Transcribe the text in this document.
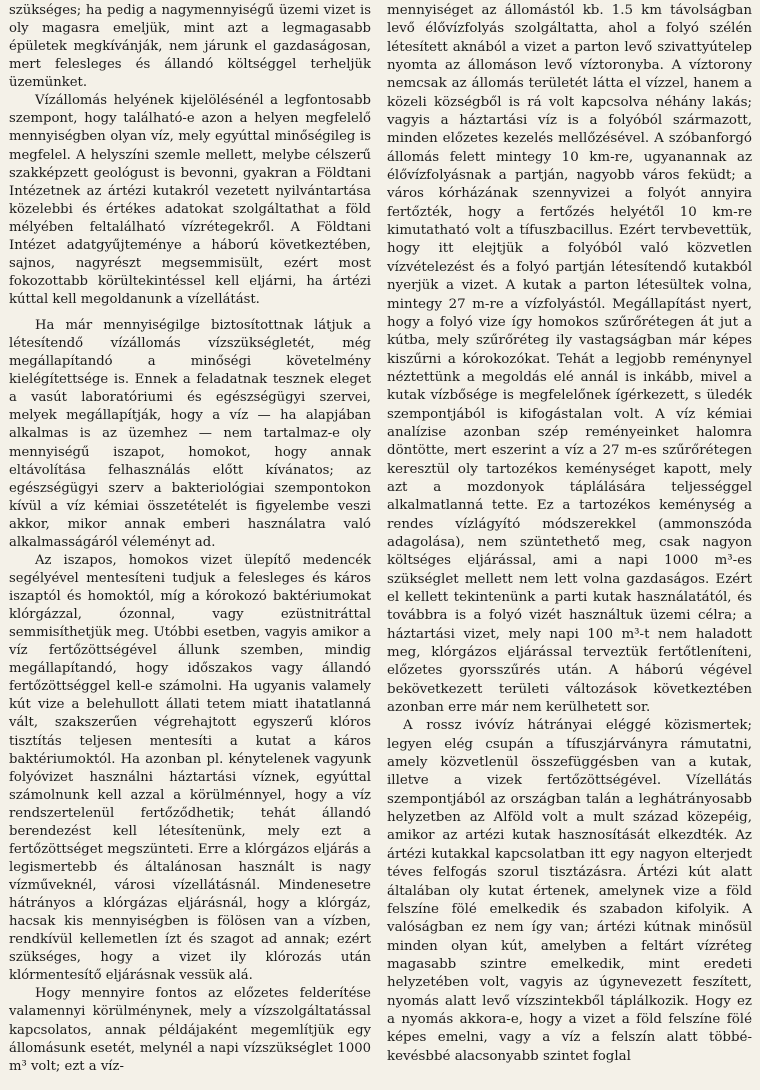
szükséges; ha pedig a nagymennyiségű üzemi vizet is oly magasra emeljük, mint azt a legmagasabb épületek megkívánják, nem járunk el gazdaságosan, mert felesleges és állandó költséggel terheljük üzemünket.

Vízállomás helyének kijelölésénél a legfontosabb szempont, hogy található-e azon a helyen megfelelő mennyiségben olyan víz, mely egyúttal minőségileg is megfelel. A helyszíni szemle mellett, melybe célszerű szakképzett geológust is bevonni, gyakran a Földtani Intézetnek az ártézi kutakról vezetett nyilvántartása közelebbi és értékes adatokat szolgáltathat a föld mélyében feltalálható vízrétegekről. A Földtani Intézet adatgyűjteménye a háború következtében, sajnos, nagyrészt megsemmisült, ezért most fokozottabb körültekintéssel kell eljárni, ha ártézi kúttal kell megoldanunk a vízellátást.

Ha már mennyiségilge biztosítottnak látjuk a létesítendő vízállomás vízszükségletét, még megállapítandó a minőségi követelmény kielégítettsége is. Ennek a feladatnak tesznek eleget a vasút laboratóriumi és egészségügyi szervei, melyek megállapítják, hogy a víz — ha alapjában alkalmas is az üzemhez — nem tartalmaz-e oly mennyiségű iszapot, homokot, hogy annak eltávolítása felhasználás előtt kívánatos; az egészségügyi szerv a bakteriológiai szempontokon kívül a víz kémiai összetételét is figyelembe veszi akkor, mikor annak emberi használatra való alkalmasságáról véleményt ad.

Az iszapos, homokos vizet ülepítő medencék segélyével mentesíteni tudjuk a felesleges és káros iszaptól és homoktól, míg a kórokozó baktériumokat klórgázzal, ózonnal, vagy ezüstnitráttal semmisíthetjük meg. Utóbbi esetben, vagyis amikor a víz fertőzöttségével állunk szemben, mindig megállapítandó, hogy időszakos vagy állandó fertőzöttséggel kell-e számolni. Ha ugyanis valamely kút vize a belehullott állati tetem miatt ihatatlanná vált, szakszerűen végrehajtott egyszerű klóros tisztítás teljesen mentesíti a kutat a káros baktériumoktól. Ha azonban pl. kénytelenek vagyunk folyóvizet használni háztartási víznek, egyúttal számolnunk kell azzal a körülménnyel, hogy a víz rendszertelenül fertőződhetik; tehát állandó berendezést kell létesítenünk, mely ezt a fertőzöttséget megszünteti. Erre a klórgázos eljárás a legismertebb és általánosan használt is nagy vízműveknél, városi vízellátásnál. Mindenesetre hátrányos a klórgázas eljárásnál, hogy a klórgáz, hacsak kis mennyiségben is fölösen van a vízben, rendkívül kellemetlen ízt és szagot ad annak; ezért szükséges, hogy a vizet ily klórozás után klórmentesítő eljárásnak vessük alá.

Hogy mennyire fontos az előzetes felderítése valamennyi körülménynek, mely a vízszolgáltatással kapcsolatos, annak példájaként megemlítjük egy állomásunk esetét, melynél a napi vízszükséglet 1000 m³ volt; ezt a víz-

mennyiséget az állomástól kb. 1.5 km távolságban levő élővízfolyás szolgáltatta, ahol a folyó szélén létesített aknából a vizet a parton levő szivattyútelep nyomta az állomáson levő víztoronyba. A víztorony nemcsak az állomás területét látta el vízzel, hanem a közeli községből is rá volt kapcsolva néhány lakás; vagyis a háztartási víz is a folyóból származott, minden előzetes kezelés mellőzésével. A szóbanforgó állomás felett mintegy 10 km-re, ugyanannak az élővízfolyásnak a partján, nagyobb város feküdt; a város kórházának szennyvizei a folyót annyira fertőzték, hogy a fertőzés helyétől 10 km-re kimutatható volt a tífuszbacillus. Ezért tervbevettük, hogy itt elejtjük a folyóból való közvetlen vízvételezést és a folyó partján létesítendő kutakból nyerjük a vizet. A kutak a parton létesültek volna, mintegy 27 m-re a vízfolyástól. Megállapítást nyert, hogy a folyó vize így homokos szűrőrétegen át jut a kútba, mely szűrőréteg ily vastagságban már képes kiszűrni a kórokozókat. Tehát a legjobb reménynyel néztettünk a megoldás elé annál is inkább, mivel a kutak vízbősége is megfelelőnek ígérkezett, s üledék szempontjából is kifogástalan volt. A víz kémiai analízise azonban szép reményeinket halomra döntötte, mert eszerint a víz a 27 m-es szűrőrétegen keresztül oly tartozékos keménységet kapott, mely azt a mozdonyok táplálására teljességgel alkalmatlanná tette. Ez a tartozékos keménység a rendes vízlágyító módszerekkel (ammonszóda adagolása), nem szüntethető meg, csak nagyon költséges eljárással, ami a napi 1000 m³-es szükséglet mellett nem lett volna gazdaságos. Ezért el kellett tekintenünk a parti kutak használatától, és továbbra is a folyó vizét használtuk üzemi célra; a háztartási vizet, mely napi 100 m³-t nem haladott meg, klórgázos eljárással terveztük fertőtleníteni, előzetes gyorsszűrés után. A háború végével bekövetkezett területi változások következtében azonban erre már nem kerülhetett sor.

A rossz ivóvíz hátrányai eléggé közismertek; legyen elég csupán a tífuszjárványra rámutatni, amely közvetlenül összefüggésben van a kutak, illetve a vizek fertőzöttségével. Vízellátás szempontjából az országban talán a leghátrányosabb helyzetben az Alföld volt a mult század közepéig, amikor az artézi kutak hasznosítását elkezdték. Az ártézi kutakkal kapcsolatban itt egy nagyon elterjedt téves felfogás szorul tisztázásra. Ártézi kút alatt általában oly kutat értenek, amelynek vize a föld felszíne fölé emelkedik és szabadon kifolyik. A valóságban ez nem így van; ártézi kútnak minősül minden olyan kút, amelyben a feltárt vízréteg magasabb szintre emelkedik, mint eredeti helyzetében volt, vagyis az úgynevezett feszített, nyomás alatt levő vízszintekből táplálkozik. Hogy ez a nyomás akkora-e, hogy a vizet a föld felszíne fölé képes emelni, vagy a víz a felszín alatt többé-kevésbbé alacsonyabb szintet foglal
